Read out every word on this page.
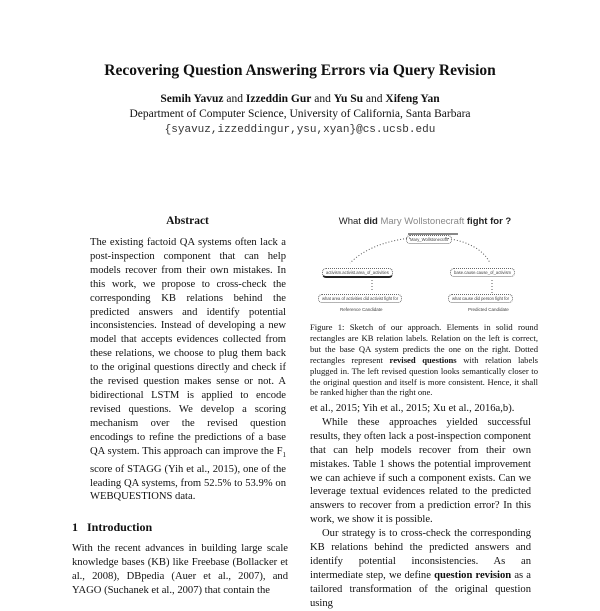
Recovering Question Answering Errors via Query Revision
Semih Yavuz and Izzeddin Gur and Yu Su and Xifeng Yan
Department of Computer Science, University of California, Santa Barbara
{syavuz,izzeddingur,ysu,xyan}@cs.ucsb.edu
Abstract

The existing factoid QA systems often lack a post-inspection component that can help models recover from their own mistakes. In this work, we propose to cross-check the corresponding KB relations behind the predicted answers and identify potential inconsistencies. Instead of developing a new model that accepts evidences collected from these relations, we choose to plug them back to the original questions directly and check if the revised question makes sense or not. A bidirectional LSTM is applied to encode revised questions. We develop a scoring mechanism over the revised question encodings to refine the predictions of a base QA system. This approach can improve the $F_1$ score of STAGG (Yih et al., 2015), one of the leading QA systems, from 52.5% to 53.9% on WEBQUESTIONS data.

1   Introduction
With the recent advances in building large scale knowledge bases (KB) like Freebase (Bollacker et al., 2008), DBpedia (Auer et al., 2007), and YAGO (Suchanek et al., 2007) that contain the
What did Mary Wollstonecraft fight for ?
Mary_Wollstonecraft
activism.activist.area_of_activities	base.cause.cause_of_activism
what area of activities did activist fight for	what cause did person fight for
Reference Candidate	Predicted Candidate
Figure 1: Sketch of our approach. Elements in solid round rectangles are KB relation labels. Relation on the left is correct, but the base QA system predicts the one on the right. Dotted rectangles represent revised questions with relation labels plugged in. The left revised question looks semantically closer to the original question and itself is more consistent. Hence, it shall be ranked higher than the right one.

et al., 2015; Yih et al., 2015; Xu et al., 2016a,b).

While these approaches yielded successful results, they often lack a post-inspection component that can help models recover from their own mistakes. Table 1 shows the potential improvement we can achieve if such a component exists. Can we leverage textual evidences related to the predicted answers to recover from a prediction error? In this work, we show it is possible.

Our strategy is to cross-check the corresponding KB relations behind the predicted answers and identify potential inconsistencies. As an intermediate step, we define question revision as a tailored transformation of the original question using
